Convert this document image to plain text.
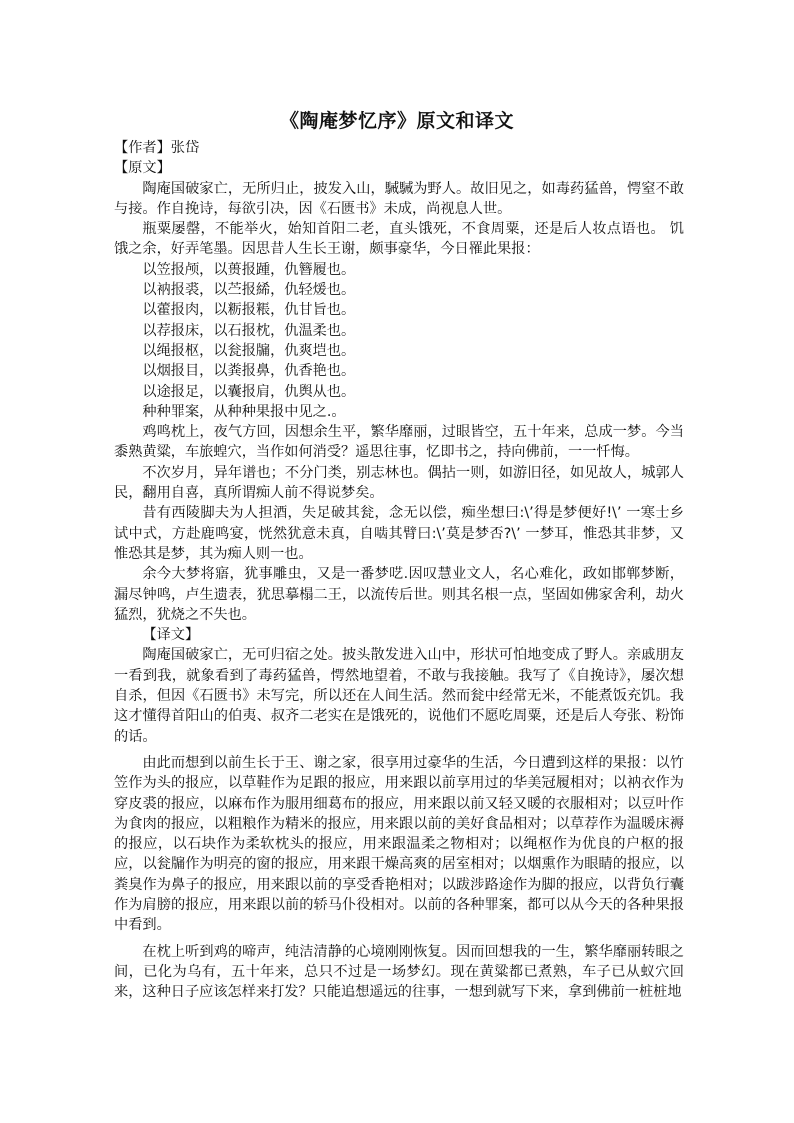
《陶庵梦忆序》原文和译文

【作者】张岱

【原文】

陶庵国破家亡，无所归止，披发入山，駴駴为野人。故旧见之，如毒药猛兽，愕窒不敢与接。作自挽诗，每欲引决，因《石匮书》未成，尚视息人世。

瓶粟屡罄，不能举火，始知首阳二老，直头饿死，不食周粟，还是后人妆点语也。 饥饿之余，好弄笔墨。因思昔人生长王谢，颇事豪华，今日罹此果报：

以笠报颅，以蒉报踵，仇簪履也。

以衲报裘，以苎报絺，仇轻煖也。

以藿报肉，以粝报粻，仇甘旨也。

以荐报床，以石报枕，仇温柔也。

以绳报枢，以瓮报牖，仇爽垲也。

以烟报目，以粪报鼻，仇香艳也。

以途报足，以囊报肩，仇舆从也。

种种罪案，从种种果报中见之.。

鸡鸣枕上，夜气方回，因想余生平，繁华靡丽，过眼皆空，五十年来，总成一梦。今当黍熟黄粱，车旅蝗穴，当作如何消受？遥思往事，忆即书之，持向佛前，一一忏悔。

不次岁月，异年谱也；不分门类，别志林也。偶拈一则，如游旧径，如见故人，城郭人民，翻用自喜，真所谓痴人前不得说梦矣。

昔有西陵脚夫为人担酒，失足破其瓮，念无以偿，痴坐想曰:\’得是梦便好!\’ 一寒士乡试中式，方赴鹿鸣宴，恍然犹意未真，自啮其臂曰:\’莫是梦否?\’ 一梦耳，惟恐其非梦，又惟恐其是梦，其为痴人则一也。

余今大梦将寤，犹事雕虫，又是一番梦呓.因叹慧业文人，名心难化，政如邯郸梦断，漏尽钟鸣，卢生遗表，犹思摹榻二王，以流传后世。则其名根一点，坚固如佛家舍利，劫火猛烈，犹烧之不失也。

【译文】

陶庵国破家亡，无可归宿之处。披头散发进入山中，形状可怕地变成了野人。亲戚朋友一看到我，就象看到了毒药猛兽，愕然地望着，不敢与我接触。我写了《自挽诗》，屡次想自杀，但因《石匮书》未写完，所以还在人间生活。然而瓮中经常无米，不能煮饭充饥。我这才懂得首阳山的伯夷、叔齐二老实在是饿死的，说他们不愿吃周粟，还是后人夸张、粉饰的话。

由此而想到以前生长于王、谢之家，很享用过豪华的生活，今日遭到这样的果报：以竹笠作为头的报应，以草鞋作为足跟的报应，用来跟以前享用过的华美冠履相对；以衲衣作为穿皮裘的报应，以麻布作为服用细葛布的报应，用来跟以前又轻又暖的衣服相对；以豆叶作为食肉的报应，以粗粮作为精米的报应，用来跟以前的美好食品相对；以草荐作为温暖床褥的报应，以石块作为柔软枕头的报应，用来跟温柔之物相对；以绳枢作为优良的户枢的报应，以瓮牖作为明亮的窗的报应，用来跟干燥高爽的居室相对；以烟熏作为眼睛的报应，以粪臭作为鼻子的报应，用来跟以前的享受香艳相对；以跋涉路途作为脚的报应，以背负行囊作为肩膀的报应，用来跟以前的轿马仆役相对。以前的各种罪案，都可以从今天的各种果报中看到。

在枕上听到鸡的啼声，纯洁清静的心境刚刚恢复。因而回想我的一生，繁华靡丽转眼之间，已化为乌有，五十年来，总只不过是一场梦幻。现在黄粱都已煮熟，车子已从蚁穴回来，这种日子应该怎样来打发？只能追想遥远的往事，一想到就写下来，拿到佛前一桩桩地
